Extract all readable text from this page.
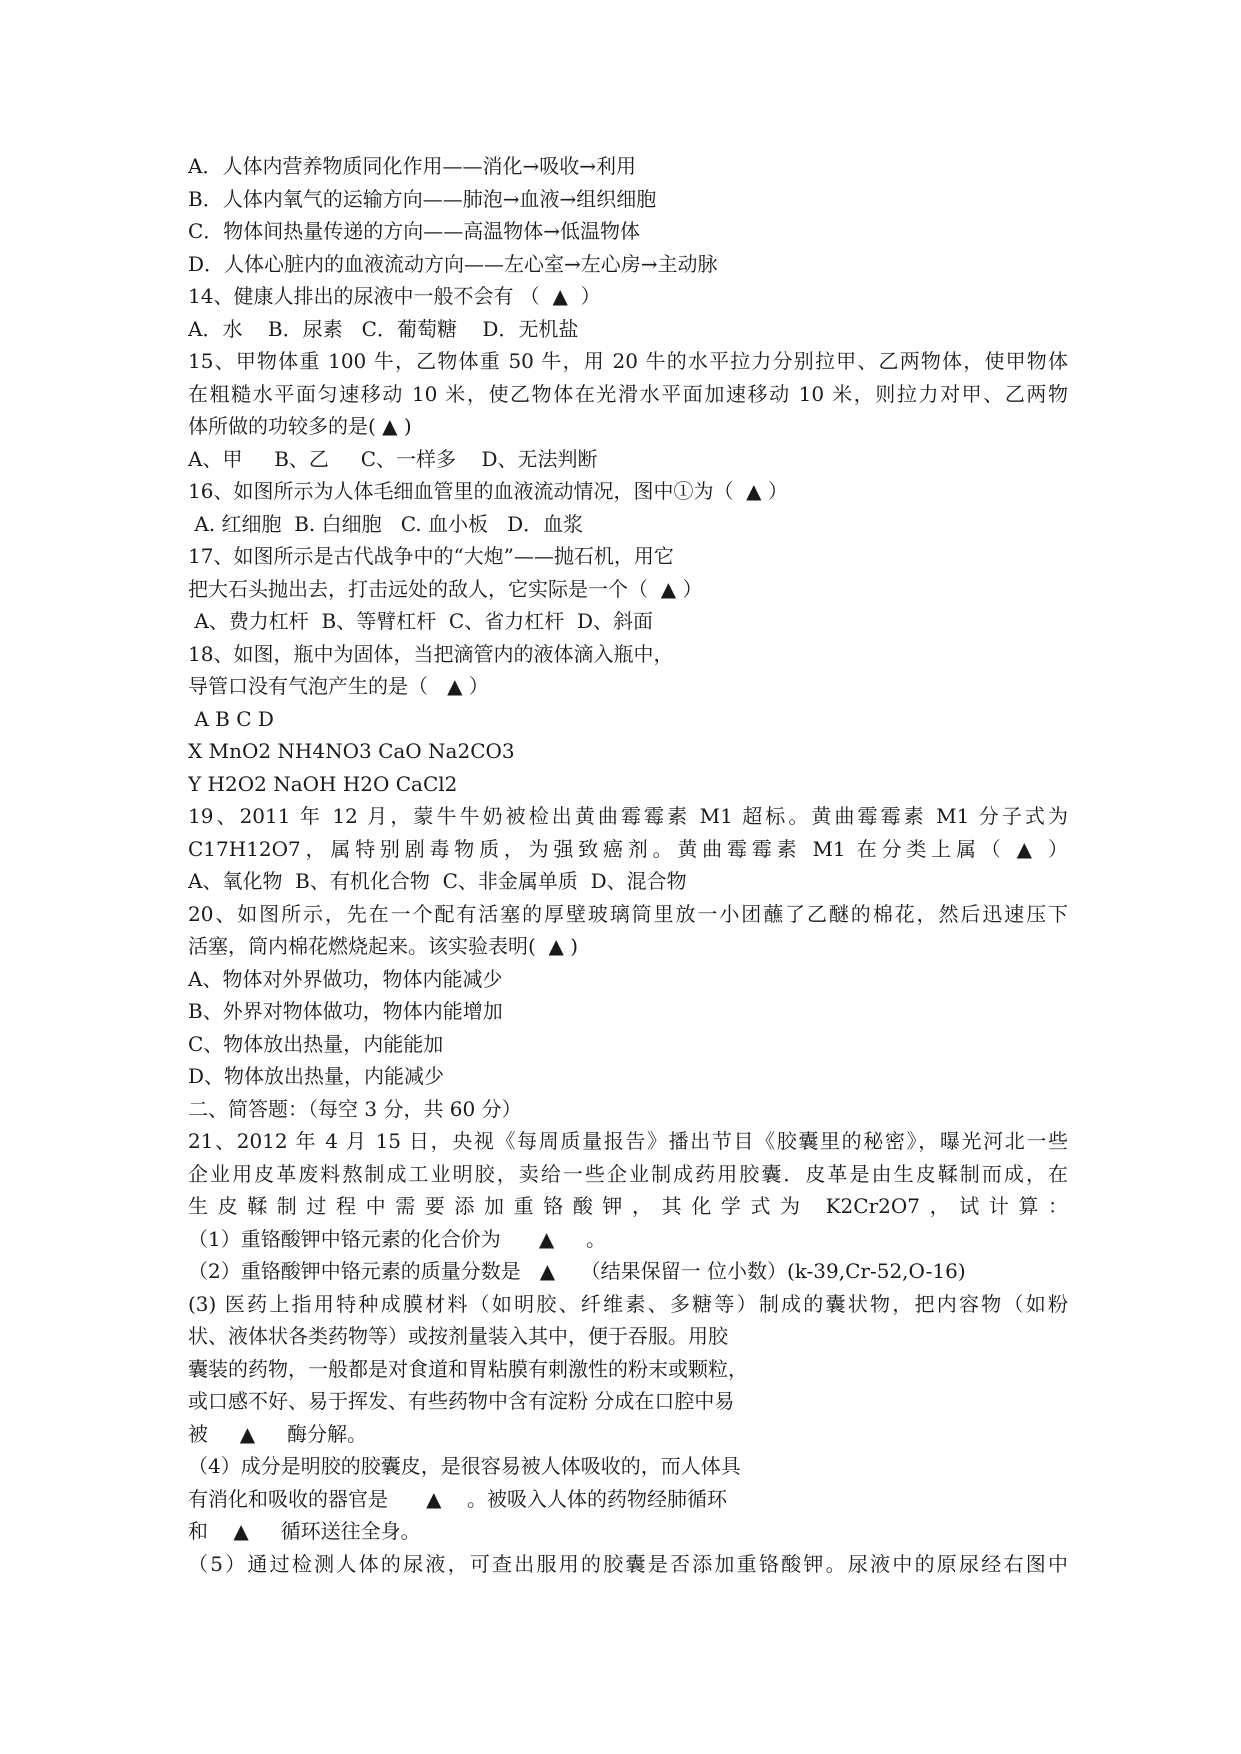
A．人体内营养物质同化作用——消化→吸收→利用
B．人体内氧气的运输方向——肺泡→血液→组织细胞
C．物体间热量传递的方向——高温物体→低温物体
D．人体心脏内的血液流动方向——左心室→左心房→主动脉
14、健康人排出的尿液中一般不会有 （  ▲  ）
A．水    B．尿素   C．葡萄糖    D．无机盐
15、甲物体重 100 牛，乙物体重 50 牛，用 20 牛的水平拉力分别拉甲、乙两物体，使甲物体
在粗糙水平面匀速移动 10 米，使乙物体在光滑水平面加速移动 10 米，则拉力对甲、乙两物
体所做的功较多的是( ▲ )
A、甲     B、乙     C、一样多    D、无法判断
16、如图所示为人体毛细血管里的血液流动情况，图中①为（  ▲ ）
A. 红细胞  B. 白细胞   C. 血小板   D．血浆
17、如图所示是古代战争中的“大炮”——抛石机，用它
把大石头抛出去，打击远处的敌人，它实际是一个（  ▲ ）
A、费力杠杆  B、等臂杠杆  C、省力杠杆  D、斜面
18、如图，瓶中为固体，当把滴管内的液体滴入瓶中，
导管口没有气泡产生的是（   ▲ ）
A B C D
X MnO2 NH4NO3 CaO Na2CO3
Y H2O2 NaOH H2O CaCl2
19、2011 年 12 月，蒙牛牛奶被检出黄曲霉霉素 M1 超标。黄曲霉霉素 M1 分子式为
C17H12O7，属特别剧毒物质，为强致癌剂。黄曲霉霉素 M1 在分类上属（ ▲ ）
A、氧化物  B、有机化合物  C、非金属单质  D、混合物
20、如图所示，先在一个配有活塞的厚壁玻璃筒里放一小团蘸了乙醚的棉花，然后迅速压下
活塞，筒内棉花燃烧起来。该实验表明(  ▲ )
A、物体对外界做功，物体内能减少
B、外界对物体做功，物体内能增加
C、物体放出热量，内能能加
D、物体放出热量，内能减少
二、简答题：（每空 3 分，共 60 分）
21、2012 年 4 月 15 日，央视《每周质量报告》播出节目《胶囊里的秘密》，曝光河北一些
企业用皮革废料熬制成工业明胶，卖给一些企业制成药用胶囊．皮革是由生皮鞣制而成，在
生皮鞣制过程中需要添加重铬酸钾，其化学式为 K2Cr2O7，试计算：
（1）重铬酸钾中铬元素的化合价为      ▲     。
（2）重铬酸钾中铬元素的质量分数是   ▲    （结果保留一 位小数）(k-39,Cr-52,O-16)
(3) 医药上指用特种成膜材料（如明胶、纤维素、多糖等）制成的囊状物，把内容物（如粉
状、液体状各类药物等）或按剂量装入其中，便于吞服。用胶
囊装的药物，一般都是对食道和胃粘膜有刺激性的粉末或颗粒，
或口感不好、易于挥发、有些药物中含有淀粉 分成在口腔中易
被     ▲     酶分解。
（4）成分是明胶的胶囊皮，是很容易被人体吸收的，而人体具
有消化和吸收的器官是      ▲    。被吸入人体的药物经肺循环
和    ▲     循环送往全身。
（5）通过检测人体的尿液，可查出服用的胶囊是否添加重铬酸钾。尿液中的原尿经右图中
